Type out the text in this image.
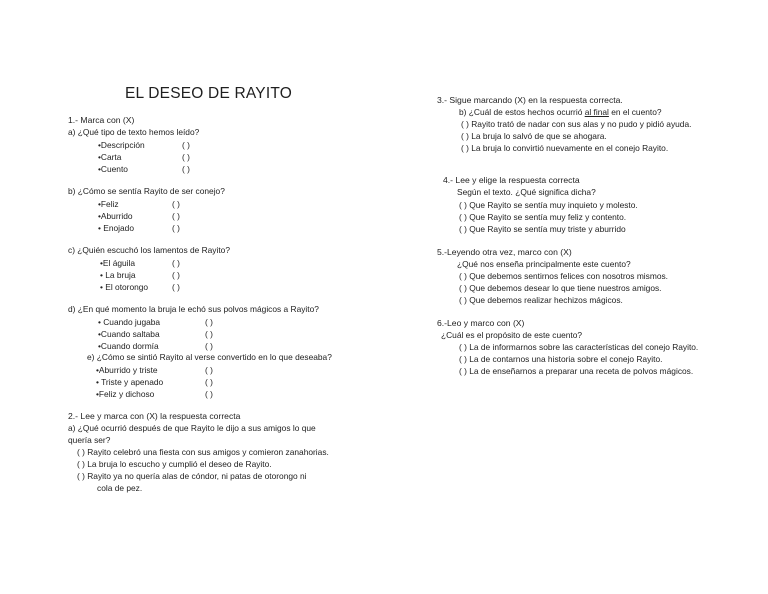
EL DESEO DE RAYITO
1.- Marca con (X)
a) ¿Qué tipo de texto hemos leído?
•Descripción	( )
•Carta	( )
•Cuento	( )
b) ¿Cómo se sentía Rayito de ser conejo?
•Feliz	( )
•Aburrido	( )
• Enojado	( )
c) ¿Quién escuchó los lamentos de Rayito?
•El águila	( )
• La bruja	( )
• El otorongo	( )
d) ¿En qué momento la bruja le echó sus polvos mágicos a Rayito?
• Cuando jugaba	( )
•Cuando saltaba	( )
•Cuando dormía	( )
e) ¿Cómo se sintió Rayito al verse convertido en lo que deseaba?
•Aburrido y triste	( )
• Triste y apenado	( )
•Feliz y dichoso	( )
2.- Lee y marca con (X) la respuesta correcta
a) ¿Qué ocurrió después de que Rayito le dijo a sus amigos lo que
quería ser?
( ) Rayito celebró una fiesta con sus amigos y comieron zanahorias.
( ) La bruja lo escucho y cumplió el deseo de Rayito.
( ) Rayito ya no quería alas de cóndor, ni patas de otorongo ni
cola de pez.
3.- Sigue marcando (X) en la respuesta correcta.
b) ¿Cuál de estos hechos ocurrió al final en el cuento?
( ) Rayito trató de nadar con sus alas y no pudo y pidió ayuda.
( ) La bruja lo salvó de que se ahogara.
( ) La bruja lo convirtió nuevamente en el conejo Rayito.
4.- Lee y elige la respuesta correcta
Según el texto. ¿Qué significa dicha?
( ) Que Rayito se sentía muy inquieto y molesto.
( ) Que Rayito se sentía muy feliz y contento.
( ) Que Rayito se sentía muy triste y aburrido
5.-Leyendo otra vez, marco con (X)
¿Qué nos enseña principalmente este cuento?
( ) Que debemos sentirnos felices con nosotros mismos.
( ) Que debemos desear lo que tiene nuestros amigos.
( ) Que debemos realizar hechizos mágicos.
6.-Leo y marco con (X)
¿Cuál es el propósito de este cuento?
( ) La de informarnos sobre las características del conejo Rayito.
( ) La de contarnos una historia sobre el conejo Rayito.
( ) La de enseñarnos a preparar una receta de polvos mágicos.
